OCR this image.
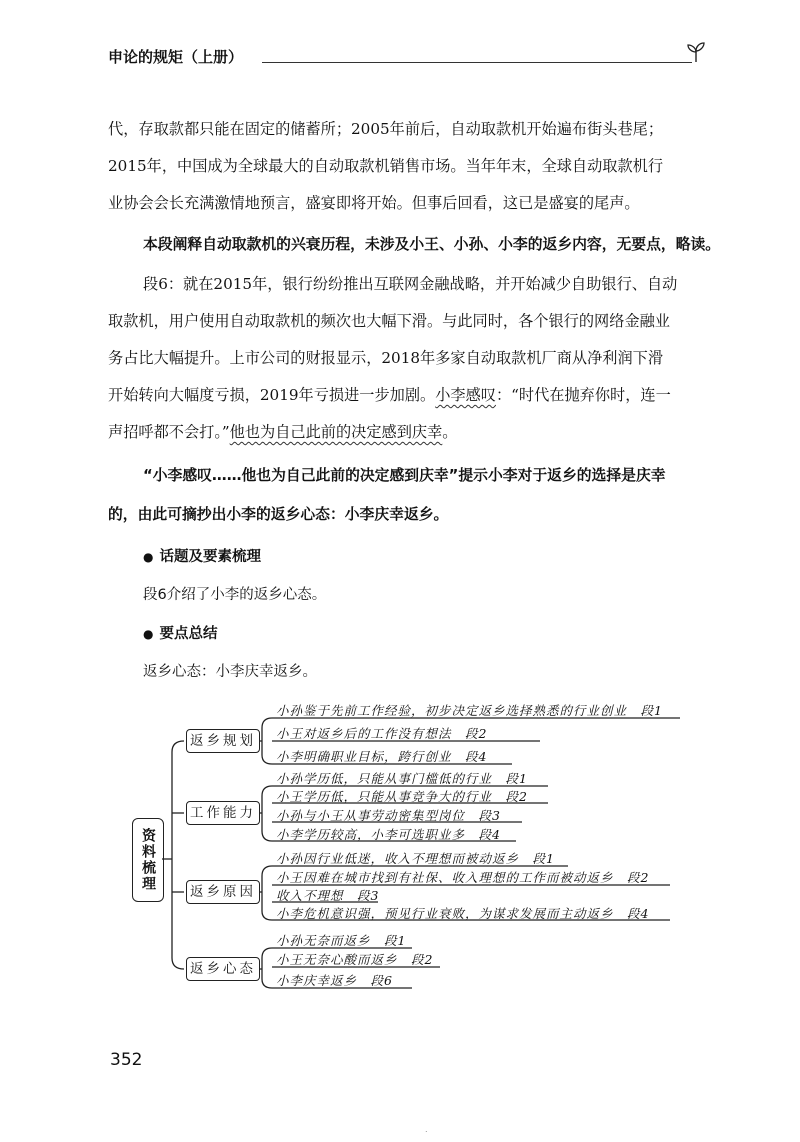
申论的规矩（上册）
代，存取款都只能在固定的储蓄所；2005年前后，自动取款机开始遍布街头巷尾；
2015年，中国成为全球最大的自动取款机销售市场。当年年末，全球自动取款机行
业协会会长充满激情地预言，盛宴即将开始。但事后回看，这已是盛宴的尾声。
本段阐释自动取款机的兴衰历程，未涉及小王、小孙、小李的返乡内容，无要点，略读。
段6：就在2015年，银行纷纷推出互联网金融战略，并开始减少自助银行、自动
取款机，用户使用自动取款机的频次也大幅下滑。与此同时，各个银行的网络金融业
务占比大幅提升。上市公司的财报显示，2018年多家自动取款机厂商从净利润下滑
开始转向大幅度亏损，2019年亏损进一步加剧。小李感叹：“时代在抛弃你时，连一
声招呼都不会打。”他也为自己此前的决定感到庆幸。
“小李感叹……他也为自己此前的决定感到庆幸”提示小李对于返乡的选择是庆幸
的，由此可摘抄出小李的返乡心态：小李庆幸返乡。
● 话题及要素梳理
段6介绍了小李的返乡心态。
● 要点总结
返乡心态：小李庆幸返乡。
资料梳理
返乡规划
小孙鉴于先前工作经验，初步决定返乡选择熟悉的行业创业　段1
小王对返乡后的工作没有想法　段2
小李明确职业目标，跨行创业　段4
工作能力
小孙学历低，只能从事门槛低的行业　段1
小王学历低，只能从事竞争大的行业　段2
小孙与小王从事劳动密集型岗位　段3
小李学历较高，小李可选职业多　段4
返乡原因
小孙因行业低迷，收入不理想而被动返乡　段1
小王因难在城市找到有社保、收入理想的工作而被动返乡　段2
收入不理想　段3
小李危机意识强，预见行业衰败，为谋求发展而主动返乡　段4
返乡心态
小孙无奈而返乡　段1
小王无奈心酸而返乡　段2
小李庆幸返乡　段6
352
.
